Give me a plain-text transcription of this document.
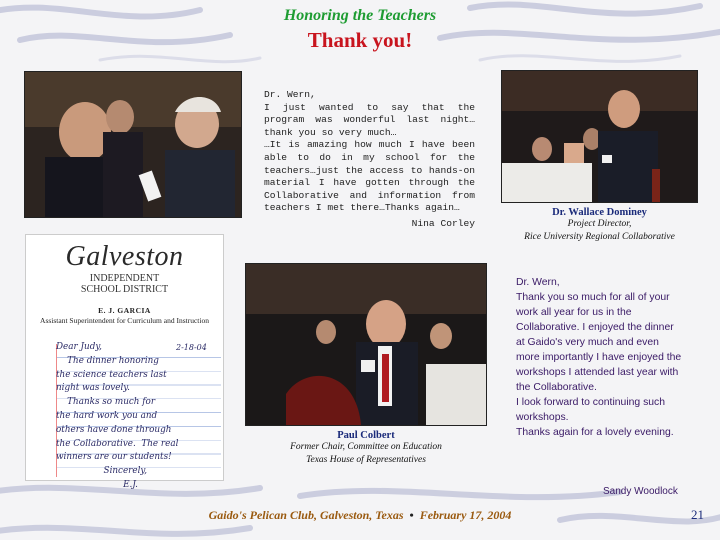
Honoring the Teachers
Thank you!

Dr. Wern,

I just wanted to say that the program was wonderful last night…thank you so very much…

…It is amazing how much I have been able to do in my school for the teachers…just the access to hands-on material I have gotten through the Collaborative and information from teachers I met there…Thanks again…

Nina Corley

Dr. Wallace Dominey
Project Director,
Rice University Regional Collaborative
Galveston
INDEPENDENT
SCHOOL DISTRICT
E. J. GARCIA
Assistant Superintendent for Curriculum and Instruction

Dear Judy,

The dinner honoring

the science teachers last

night was lovely.

Thanks so much for

the hard work you and

others have done through

the Collaborative.  The real

winners are our students!

Sincerely,

E.J.

2-18-04
Paul Colbert
Former Chair, Committee on Education
Texas House of Representatives

Dr. Wern,

Thank you so much for all of your work all year for us in the Collaborative. I enjoyed the dinner at Gaido's very much and even more importantly I have enjoyed the workshops I attended last year with the Collaborative.

I look forward to continuing such workshops.

Thanks again for a lovely evening.

Sandy Woodlock
Gaido's Pelican Club, Galveston, Texas • February 17, 2004	21
